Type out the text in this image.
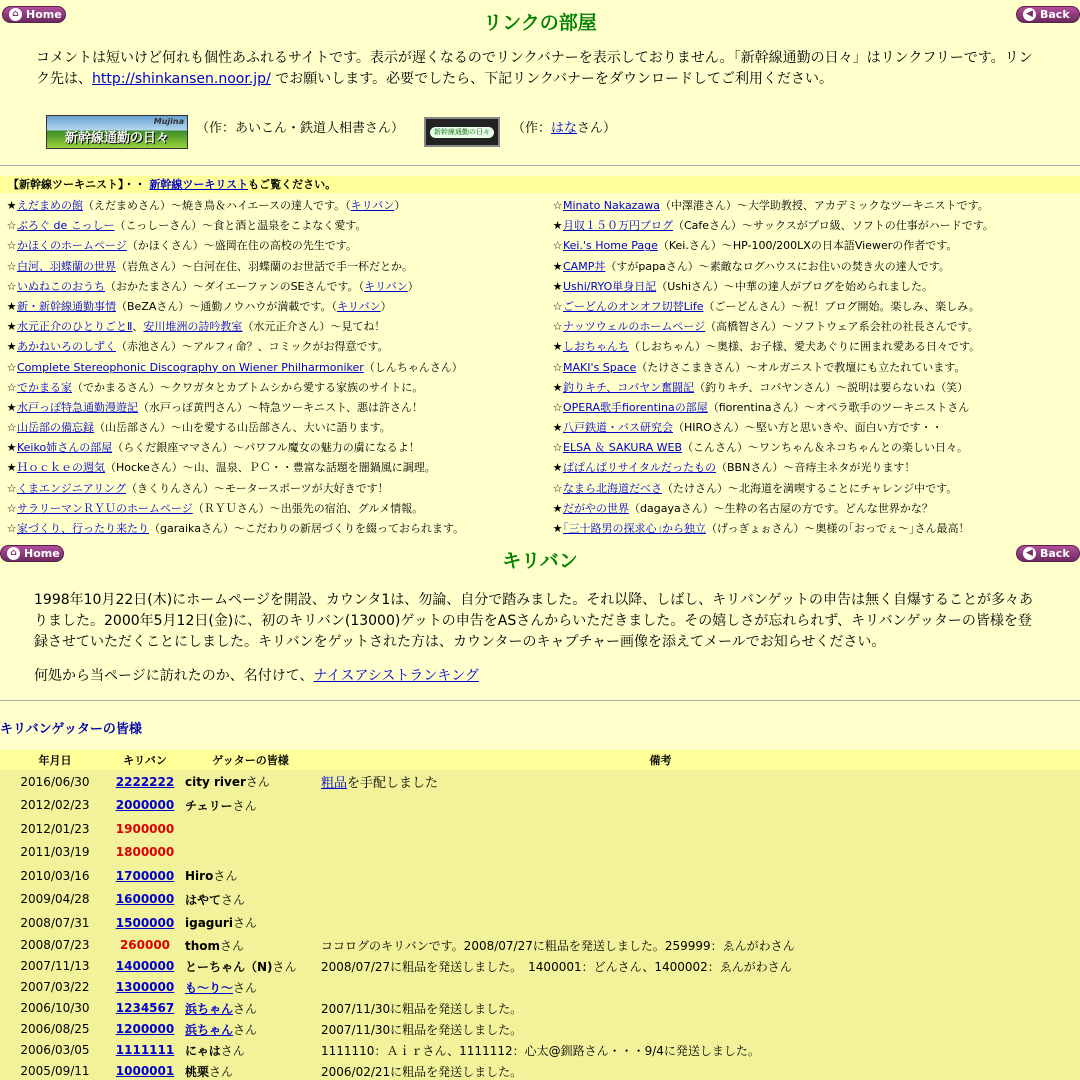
⌂ Home	◀ Back
リンクの部屋
コメントは短いけど何れも個性あふれるサイトです。表示が遅くなるのでリンクバナーを表示しておりません。「新幹線通勤の日々」はリンクフリーです。リンク先は、http://shinkansen.noor.jp/ でお願いします。必要でしたら、下記リンクバナーをダウンロードしてご利用ください。
Mujina
新幹線通勤の日々
（作：あいこん・鉄道人相書さん）	新幹線通勤の日々	（作：はなさん）
【新幹線ツーキニスト】・・ 新幹線ツーキリストもご覧ください。
★えだまめの館（えだまめさん）～焼き鳥＆ハイエースの達人です。（キリバン）
☆ぶろぐ de こっしー（こっしーさん）～食と酒と温泉をこよなく愛す。
☆かほくのホームページ（かほくさん）～盛岡在住の高校の先生です。
☆白河、羽蝶蘭の世界（岩魚さん）～白河在住、羽蝶蘭のお世話で手一杯だとか。
☆いぬねこのおうち（おかたまさん）～ダイエーファンのSEさんです。（キリバン）
★新・新幹線通勤事情（BeZAさん）～通勤ノウハウが満載です。（キリバン）
★水元正介のひとりごとⅡ、安川堆洲の詩吟教室（水元正介さん）～見てね！
★あかねいろのしずく（赤池さん）～アルフィ命？、コミックがお得意です。
☆Complete Stereophonic Discography on Wiener Philharmoniker（しんちゃんさん）
☆でかまる家（でかまるさん）～クワガタとカブトムシから愛する家族のサイトに。
★水戸っぽ特急通勤漫遊記（水戸っぽ黄門さん）～特急ツーキニスト、悪は許さん！
☆山岳部の備忘録（山岳部さん）～山を愛する山岳部さん、大いに語ります。
★Keiko姉さんの部屋（らくだ銀座ママさん）～パワフル魔女の魅力の虜になるよ！
★Ｈｏｃｋｅの週気（Hockeさん）～山、温泉、ＰＣ・・豊富な話題を闇鍋風に調理。
☆くまエンジニアリング（きくりんさん）～モータースポーツが大好きです！
☆サラリーマンＲＹＵのホームページ（ＲＹＵさん）～出張先の宿泊、グルメ情報。
☆家づくり、行ったり来たり（garaikaさん）～こだわりの新居づくりを綴っておられます。
☆Minato Nakazawa（中澤港さん）～大学助教授、アカデミックなツーキニストです。
★月収１５０万円ブログ（Cafeさん）～サックスがプロ級、ソフトの仕事がハードです。
☆Kei.'s Home Page（Kei.さん）～HP-100/200LXの日本語Viewerの作者です。
★CAMP丼（すがpapaさん）～素敵なログハウスにお住いの焚き火の達人です。
★Ushi/RYO単身日記（Ushiさん）～中華の達人がブログを始められました。
☆ごーどんのオンオフ切替Life（ごーどんさん）～祝！ブログ開始。楽しみ、楽しみ。
☆ナッツウェルのホームページ（高橋智さん）～ソフトウェア系会社の社長さんです。
★しおちゃんち（しおちゃん）～奥様、お子様、愛犬あぐりに囲まれ愛ある日々です。
☆MAKI's Space（たけさこまきさん）～オルガニストで教壇にも立たれています。
★釣りキチ、コバヤン奮闘記（釣りキチ、コバヤンさん）～説明は要らないね（笑）
☆OPERA歌手fiorentinaの部屋（fiorentinaさん）～オペラ歌手のツーキニストさん
★八戸鉄道・バス研究会（HIROさん）～堅い方と思いきや、面白い方です・・
☆ELSA ＆ SAKURA WEB（こんさん）～ワンちゃん＆ネコちゃんとの楽しい日々。
★ぱぱんぱリサイタルだったもの（BBNさん）～音痔主ネタが光ります！
☆なまら北海道だべさ（たけさん）～北海道を満喫することにチャレンジ中です。
★だがやの世界（dagayaさん）～生粋の名古屋の方です。どんな世界かな？
★｢三十路男の探求心｣から独立（げっぎょぉさん）～奥様の｢おっでぇ～｣さん最高！
⌂ Home	◀ Back
キリバン
1998年10月22日(木)にホームページを開設、カウンタ1は、勿論、自分で踏みました。それ以降、しばし、キリバンゲットの申告は無く自爆することが多々ありました。2000年5月12日(金)に、初のキリバン(13000)ゲットの申告をASさんからいただきました。その嬉しさが忘れられず、キリバンゲッターの皆様を登録させていただくことにしました。キリバンをゲットされた方は、カウンターのキャプチャー画像を添えてメールでお知らせください。
何処から当ページに訪れたのか、名付けて、ナイスアシストランキング
キリバンゲッターの皆様
年月日	キリバン	ゲッターの皆様	備考
2016/06/30	2222222 city riverさん	粗品を手配しました
2012/02/23	2000000 チェリーさん
2012/01/23	1900000
2011/03/19	1800000
2010/03/16	1700000 Hiroさん
2009/04/28	1600000 はやてさん
2008/07/31	1500000 igaguriさん
2008/07/23	260000	thomさん	ココログのキリバンです。2008/07/27に粗品を発送しました。259999：ゑんがわさん
2007/11/13	1400000 とーちゃん（N)さん	2008/07/27に粗品を発送しました。　1400001：どんさん、1400002：ゑんがわさん
2007/03/22	1300000 も～り～さん
2006/10/30	1234567 浜ちゃんさん	2007/11/30に粗品を発送しました。
2006/08/25	1200000 浜ちゃんさん	2007/11/30に粗品を発送しました。
2006/03/05	1111111 にゃはさん	1111110：Ａｉｒさん、1111112：心太@釧路さん・・・9/4に発送しました。
2005/09/11	1000001 桃栗さん	2006/02/21に粗品を発送しました。
